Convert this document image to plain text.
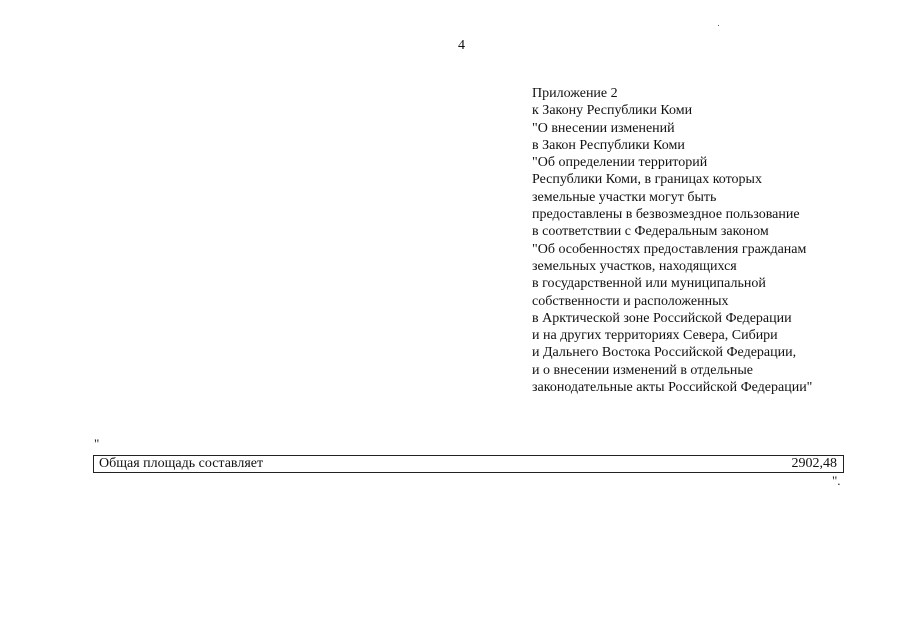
4
Приложение 2
к Закону Республики Коми
"О внесении изменений
в Закон Республики Коми
"Об определении территорий
Республики Коми, в границах которых
земельные участки могут быть
предоставлены в безвозмездное пользование
в соответствии с Федеральным законом
"Об особенностях предоставления гражданам
земельных участков, находящихся
в государственной или муниципальной
собственности и расположенных
в Арктической зоне Российской Федерации
и на других территориях Севера, Сибири
и Дальнего Востока Российской Федерации,
и о внесении изменений в отдельные
законодательные акты Российской Федерации"
"
Общая площадь составляет	2902,48
".
